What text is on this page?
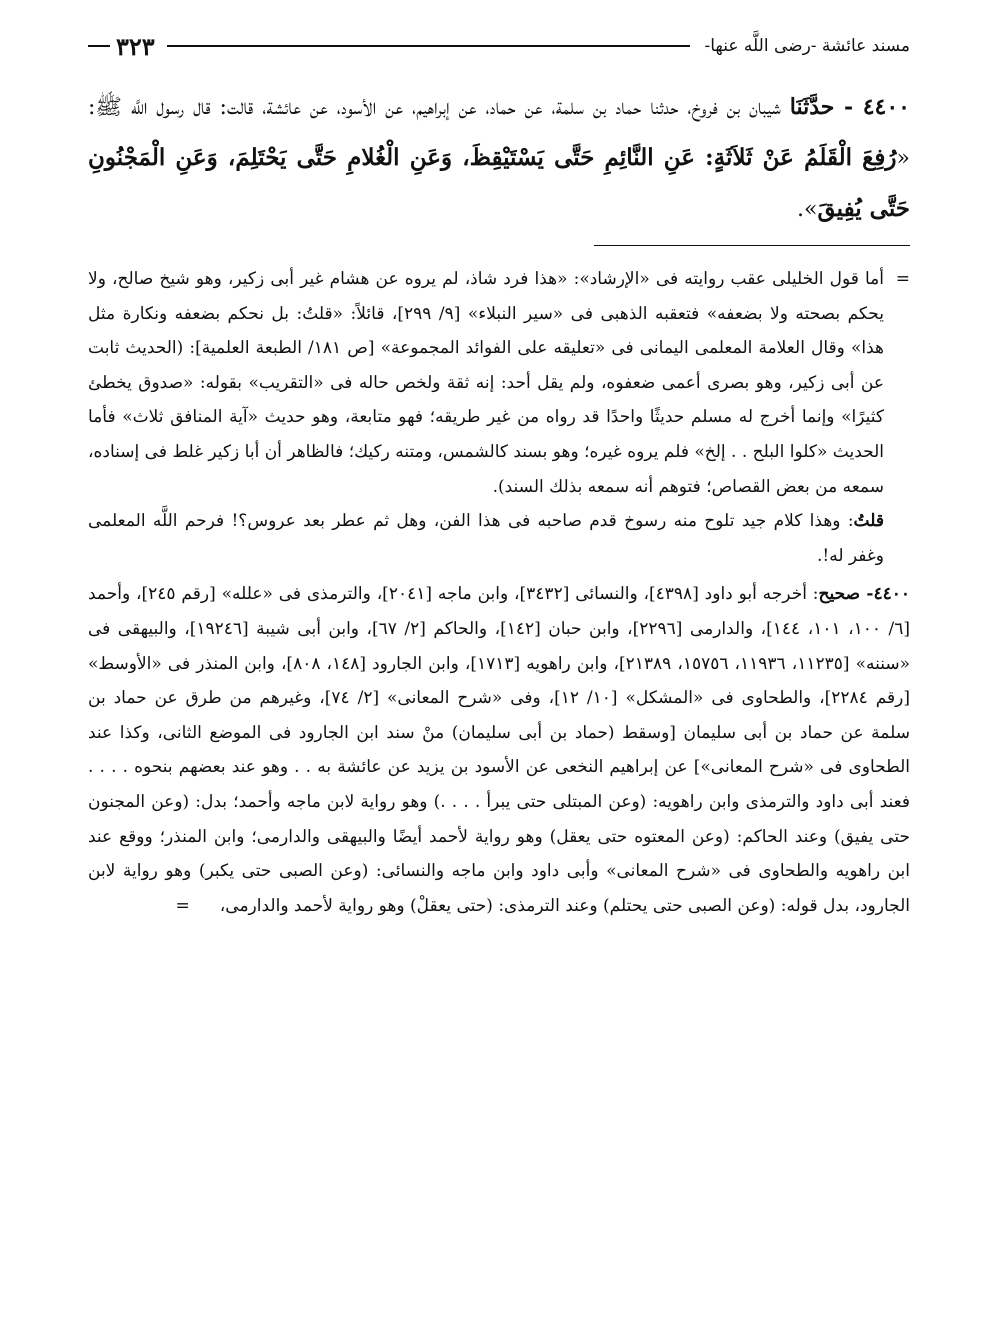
مسند عائشة -رضى اللَّه عنها-
٣٢٣
٤٤٠٠ - حدَّثَنَا شيبان بن فروخ، حدثنا حماد بن سلمة، عن حماد، عن إبراهيم، عن الأسود، عن عائشة، قالت: قال رسول اللَّه ﷺ: «رُفِعَ الْقَلَمُ عَنْ ثَلاَثَةٍ: عَنِ النَّائِمِ حَتَّى يَسْتَيْقِظَ، وَعَنِ الْغُلامِ حَتَّى يَحْتَلِمَ، وَعَنِ الْمَجْنُونِ حَتَّى يُفِيقَ».
=

أما قول الخليلى عقب روايته فى «الإرشاد»: «هذا فرد شاذ، لم يروه عن هشام غير أبى زكير، وهو شيخ صالح، ولا يحكم بصحته ولا بضعفه» فتعقبه الذهبى فى «سير النبلاء» [٩/ ٢٩٩]، قائلاً: «قلتُ: بل نحكم بضعفه ونكارة مثل هذا» وقال العلامة المعلمى اليمانى فى «تعليقه على الفوائد المجموعة» [ص ١٨١/ الطبعة العلمية]: (الحديث ثابت عن أبى زكير، وهو بصرى أعمى ضعفوه، ولم يقل أحد: إنه ثقة ولخص حاله فى «التقريب» بقوله: «صدوق يخطئ كثيرًا» وإنما أخرج له مسلم حديثًا واحدًا قد رواه من غير طريقه؛ فهو متابعة، وهو حديث «آية المنافق ثلاث» فأما الحديث «كلوا البلح . . إلخ» فلم يروه غيره؛ وهو بسند كالشمس، ومتنه ركيك؛ فالظاهر أن أبا زكير غلط فى إسناده، سمعه من بعض القصاص؛ فتوهم أنه سمعه بذلك السند).

قلتُ: وهذا كلام جيد تلوح منه رسوخ قدم صاحبه فى هذا الفن، وهل ثم عطر بعد عروس؟! فرحم اللَّه المعلمى وغفر له!.

٤٤٠٠- صحيح: أخرجه أبو داود [٤٣٩٨]، والنسائى [٣٤٣٢]، وابن ماجه [٢٠٤١]، والترمذى فى «علله» [رقم ٢٤٥]، وأحمد [٦/ ١٠٠، ١٠١، ١٤٤]، والدارمى [٢٢٩٦]، وابن حبان [١٤٢]، والحاكم [٢/ ٦٧]، وابن أبى شيبة [١٩٢٤٦]، والبيهقى فى «سننه» [١١٢٣٥، ١١٩٣٦، ١٥٧٥٦، ٢١٣٨٩]، وابن راهويه [١٧١٣]، وابن الجارود [١٤٨، ٨٠٨]، وابن المنذر فى «الأوسط» [رقم ٢٢٨٤]، والطحاوى فى «المشكل» [١٠/ ١٢]، وفى «شرح المعانى» [٢/ ٧٤]، وغيرهم من طرق عن حماد بن سلمة عن حماد بن أبى سليمان [وسقط (حماد بن أبى سليمان) منْ سند ابن الجارود فى الموضع الثانى، وكذا عند الطحاوى فى «شرح المعانى»] عن إبراهيم النخعى عن الأسود بن يزيد عن عائشة به . . وهو عند بعضهم بنحوه . . . . فعند أبى داود والترمذى وابن راهويه: (وعن المبتلى حتى يبرأ . . . .) وهو رواية لابن ماجه وأحمد؛ بدل: (وعن المجنون حتى يفيق) وعند الحاكم: (وعن المعتوه حتى يعقل) وهو رواية لأحمد أيضًا والبيهقى والدارمى؛ وابن المنذر؛ ووقع عند ابن راهويه والطحاوى فى «شرح المعانى» وأبى داود وابن ماجه والنسائى: (وعن الصبى حتى يكبر) وهو رواية لابن الجارود، بدل قوله: (وعن الصبى حتى يحتلم) وعند الترمذى: (حتى يعقلْ) وهو رواية لأحمد والدارمى،=
